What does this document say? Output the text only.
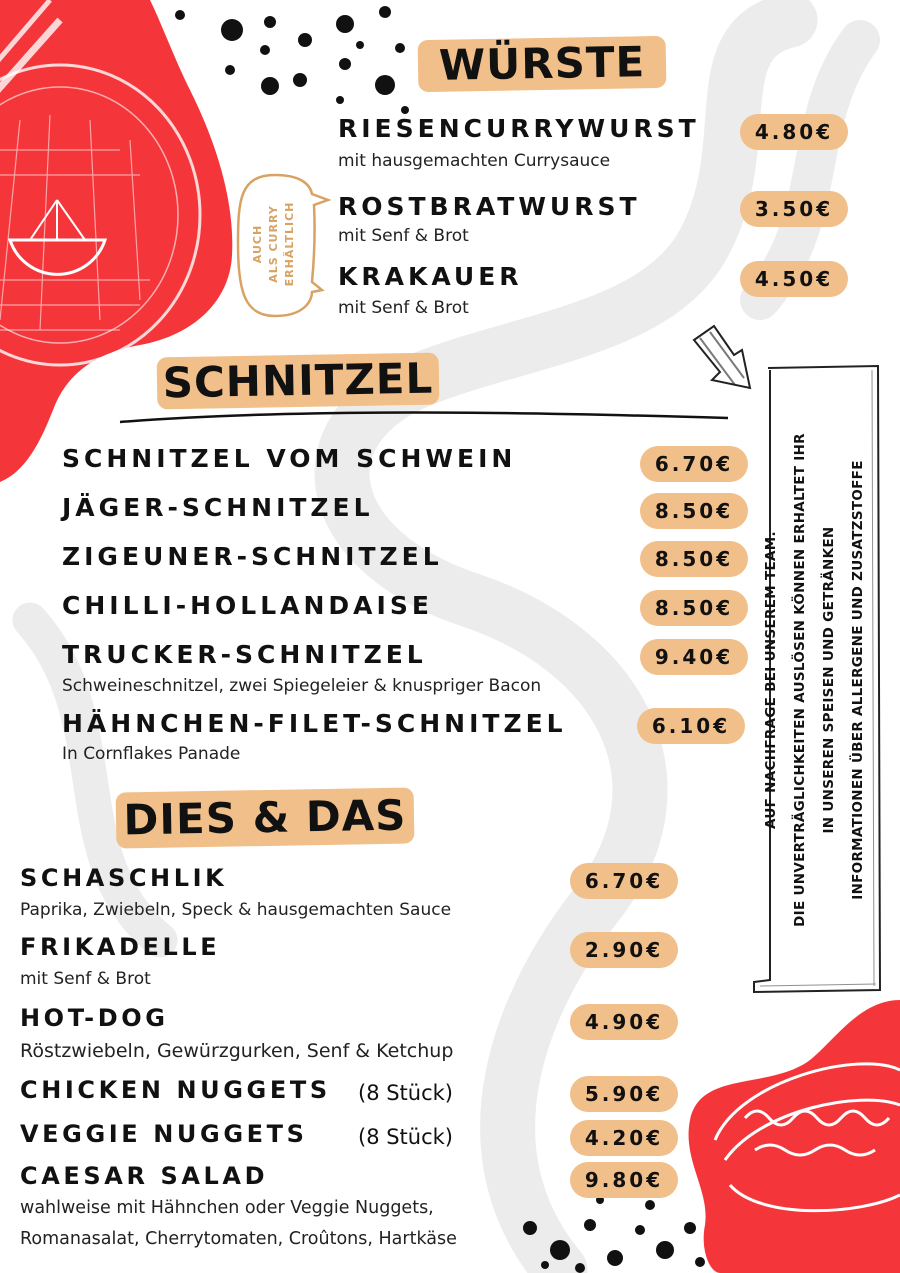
WÜRSTE
SCHNITZEL
DIES & DAS
AUCH ALS CURRY ERHÄLTLICH
RIESENCURRYWURST
mit hausgemachten Currysauce
4.80€
ROSTBRATWURST
mit Senf & Brot
3.50€
KRAKAUER
mit Senf & Brot
4.50€
SCHNITZEL VOM SCHWEIN	6.70€
JÄGER-SCHNITZEL	8.50€
ZIGEUNER-SCHNITZEL	8.50€
CHILLI-HOLLANDAISE	8.50€
TRUCKER-SCHNITZEL
Schweineschnitzel, zwei Spiegeleier & knuspriger Bacon
9.40€
HÄHNCHEN-FILET-SCHNITZEL
In Cornflakes Panade
6.10€
SCHASCHLIK
Paprika, Zwiebeln, Speck & hausgemachten Sauce
6.70€
FRIKADELLE
mit Senf & Brot
2.90€
HOT-DOG
Röstzwiebeln, Gewürzgurken, Senf & Ketchup
4.90€
CHICKEN NUGGETS (8 Stück)	5.90€
VEGGIE NUGGETS (8 Stück)	4.20€
CAESAR SALAD
wahlweise mit Hähnchen oder Veggie Nuggets,
Romanasalat, Cherrytomaten, Croûtons, Hartkäse
9.80€
AUF NACHFRAGE BEI UNSEREM TEAM. DIE UNVERTRÄGLICHKEITEN AUSLÖSEN KÖNNEN ERHALTET IHR IN UNSEREN SPEISEN UND GETRÄNKEN INFORMATIONEN ÜBER ALLERGENE UND ZUSATZSTOFFE
